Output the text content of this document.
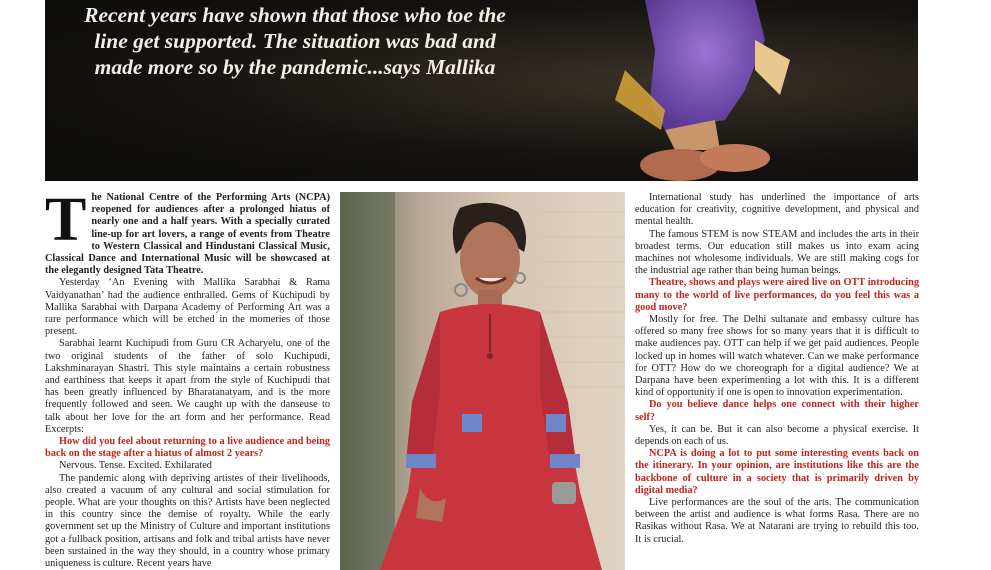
Recent years have shown that those who toe the
line get supported. The situation was bad and
made more so by the pandemic...says Mallika
T he National Centre of the Performing Arts (NCPA) reopened for audiences after a prolonged hiatus of nearly one and a half years. With a specially curated line-up for art lovers, a range of events from Theatre to Western Classical and Hindustani Classical Music, Classical Dance and International Music will be showcased at the elegantly designed Tata Theatre.

Yesterday ‘An Evening with Mallika Sarabhai & Rama Vaidyanathan’ had the audience enthralled. Gems of Kuchipudi by Mallika Sarabhai with Darpana Academy of Performing Art was a rare performance which will be etched in the momeries of those present.

Sarabhai learnt Kuchipudi from Guru CR Acharyelu, one of the two original students of the father of solo Kuchipudi, Lakshminarayan Shastri. This style maintains a certain robustness and earthiness that keeps it apart from the style of Kuchipudi that has been greatly influenced by Bharatanatyam, and is the more frequently followed and seen. We caught up with the danseuse to talk about her love for the art form and her performance. Read Excerpts:

How did you feel about returning to a live audience and being back on the stage after a hiatus of almost 2 years?

Nervous. Tense. Excited. Exhilarated

The pandemic along with depriving artistes of their livelihoods, also created a vacuum of any cultural and social stimulation for people. What are your thoughts on this? Artists have been neglected in this country since the demise of royalty. While the early government set up the Ministry of Culture and important institutions got a fullback position, artisans and folk and tribal artists have never been sustained in the way they should, in a country whose primary uniqueness is culture. Recent years have

International study has underlined the importance of arts education for creativity, cognitive development, and physical and mental health.

The famous STEM is now STEAM and includes the arts in their broadest terms. Our education still makes us into exam acing machines not wholesome individuals. We are still making cogs for the industrial age rather than being human beings.

Theatre, shows and plays were aired live on OTT introducing many to the world of live performances, do you feel this was a good move?

Mostly for free. The Delhi sultanate and embassy culture has offered so many free shows for so many years that it is difficult to make audiences pay. OTT can help if we get paid audiences. People locked up in homes will watch whatever. Can we make performance for OTT? How do we choreograph for a digital audience? We at Darpana have been experimenting a lot with this. It is a different kind of opportunity if one is open to innovation experimentation.

Do you believe dance helps one connect with their higher self?

Yes, it can be. But it can also become a physical exercise. It depends on each of us.

NCPA is doing a lot to put some interesting events back on the itinerary. In your opinion, are institutions like this are the backbone of culture in a society that is primarily driven by digital media?

Live performances are the soul of the arts. The communication between the artist and audience is what forms Rasa. There are no Rasikas without Rasa. We at Natarani are trying to rebuild this too. It is crucial.
